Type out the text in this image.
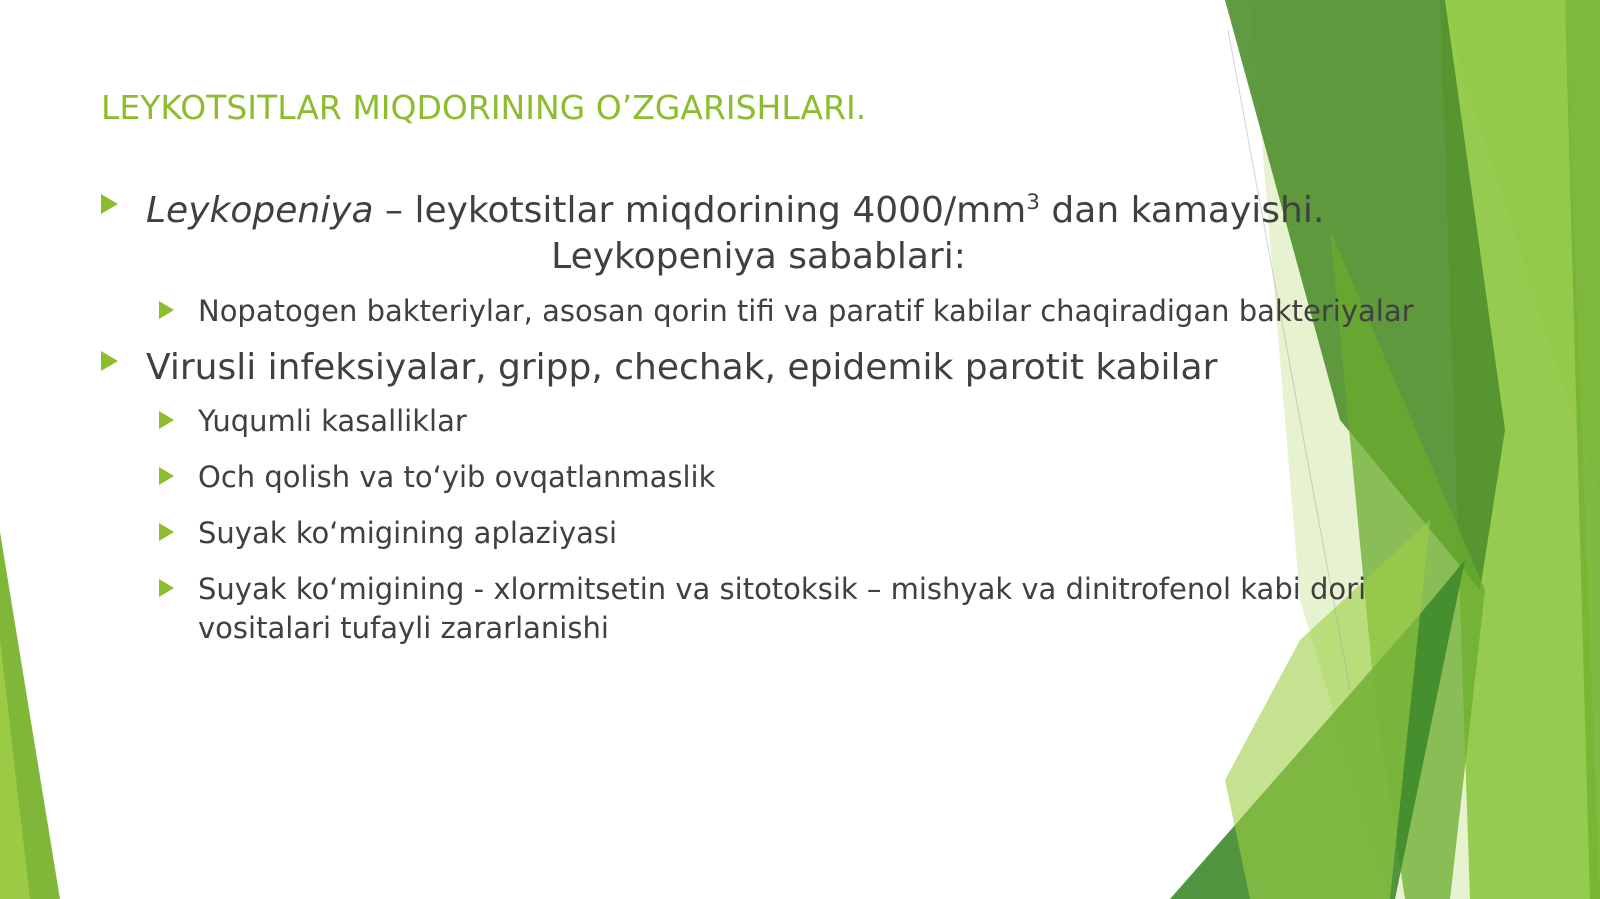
LEYKOTSITLAR MIQDORINING O’ZGARISHLARI.
Leykopeniya – leykotsitlar miqdorining $4000/mm^3$ dan kamayishi.
Leykopeniya sabablari:
Nopatogen bakteriylar, asosan qorin tifi va paratif kabilar chaqiradigan bakteriyalar
Virusli infeksiyalar, gripp, chechak, epidemik parotit kabilar
Yuqumli kasalliklar
Och qolish va to‘yib ovqatlanmaslik
Suyak ko‘migining aplaziyasi
Suyak ko‘migining - xlormitsetin va sitotoksik – mishyak va dinitrofenol kabi dori vositalari tufayli zararlanishi
